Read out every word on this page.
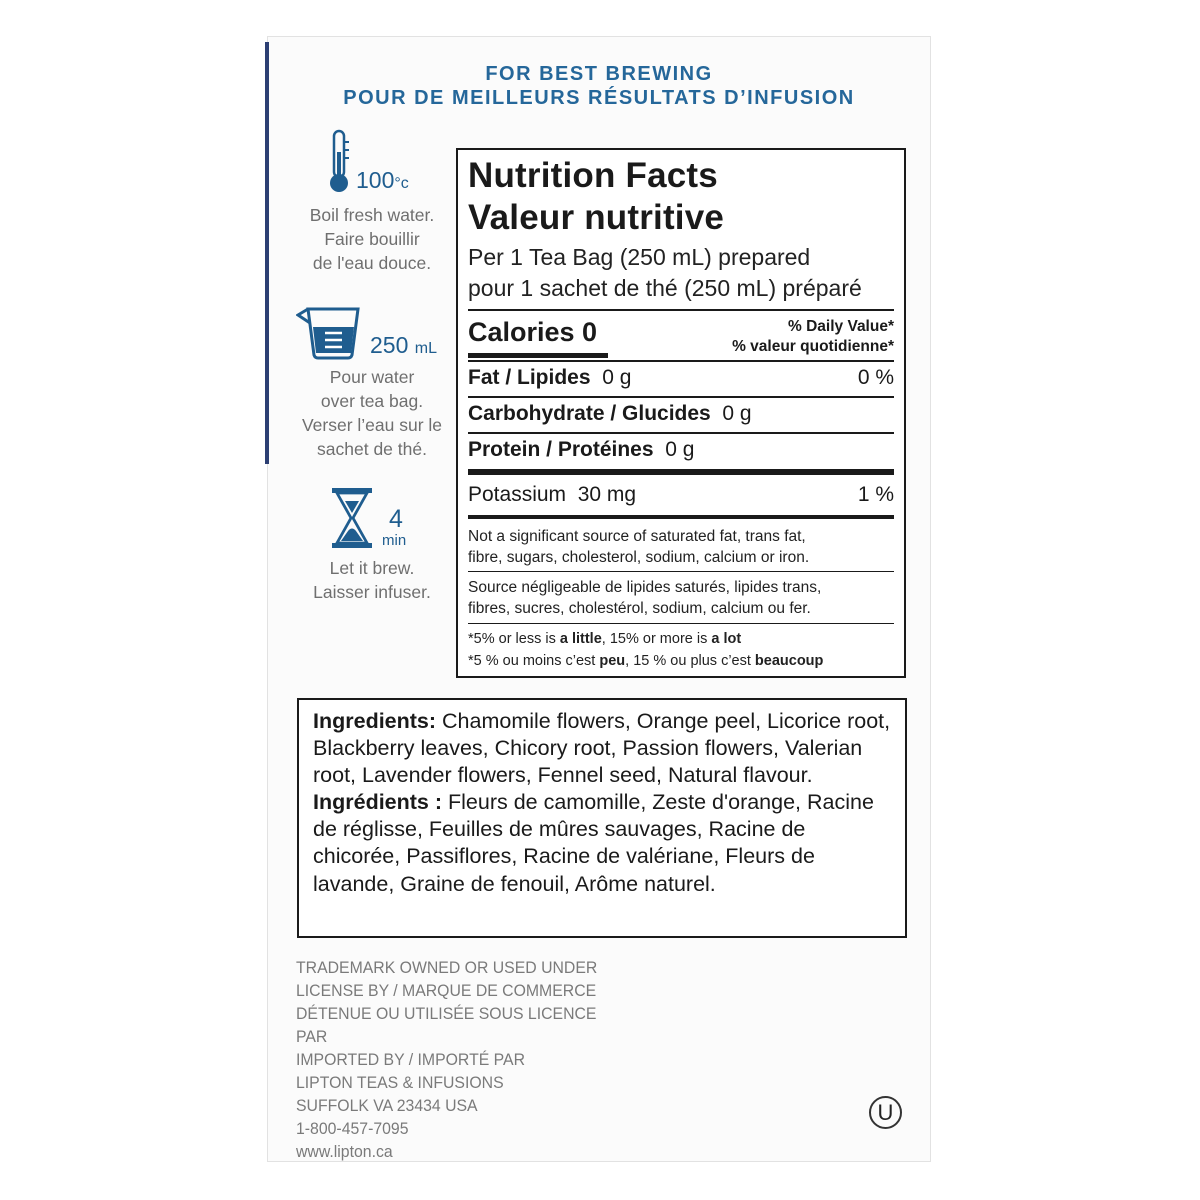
FOR BEST BREWING
POUR DE MEILLEURS RÉSULTATS D’INFUSION
100°c
Boil fresh water.
Faire bouillir
de l'eau douce.
250 mL
Pour water
over tea bag.
Verser l’eau sur le
sachet de thé.
4
min
Let it brew.
Laisser infuser.
Nutrition Facts
Valeur nutritive
Per 1 Tea Bag (250 mL) prepared
pour 1 sachet de thé (250 mL) préparé
Calories 0	% Daily Value*
% valeur quotidienne*
Fat / Lipides 0 g	0 %
Carbohydrate / Glucides 0 g
Protein / Protéines 0 g
Potassium 30 mg	1 %
Not a significant source of saturated fat, trans fat,
fibre, sugars, cholesterol, sodium, calcium or iron.
Source négligeable de lipides saturés, lipides trans,
fibres, sucres, cholestérol, sodium, calcium ou fer.
*5% or less is a little, 15% or more is a lot
*5 % ou moins c’est peu, 15 % ou plus c’est beaucoup
Ingredients: Chamomile flowers, Orange peel, Licorice root, Blackberry leaves, Chicory root, Passion flowers, Valerian root, Lavender flowers, Fennel seed, Natural flavour.
Ingrédients : Fleurs de camomille, Zeste d'orange, Racine de réglisse, Feuilles de mûres sauvages, Racine de chicorée, Passiflores, Racine de valériane, Fleurs de lavande, Graine de fenouil, Arôme naturel.
TRADEMARK OWNED OR USED UNDER
LICENSE BY / MARQUE DE COMMERCE
DÉTENUE OU UTILISÉE SOUS LICENCE PAR
IMPORTED BY / IMPORTÉ PAR
LIPTON TEAS & INFUSIONS
SUFFOLK VA 23434 USA
1-800-457-7095
www.lipton.ca
U
